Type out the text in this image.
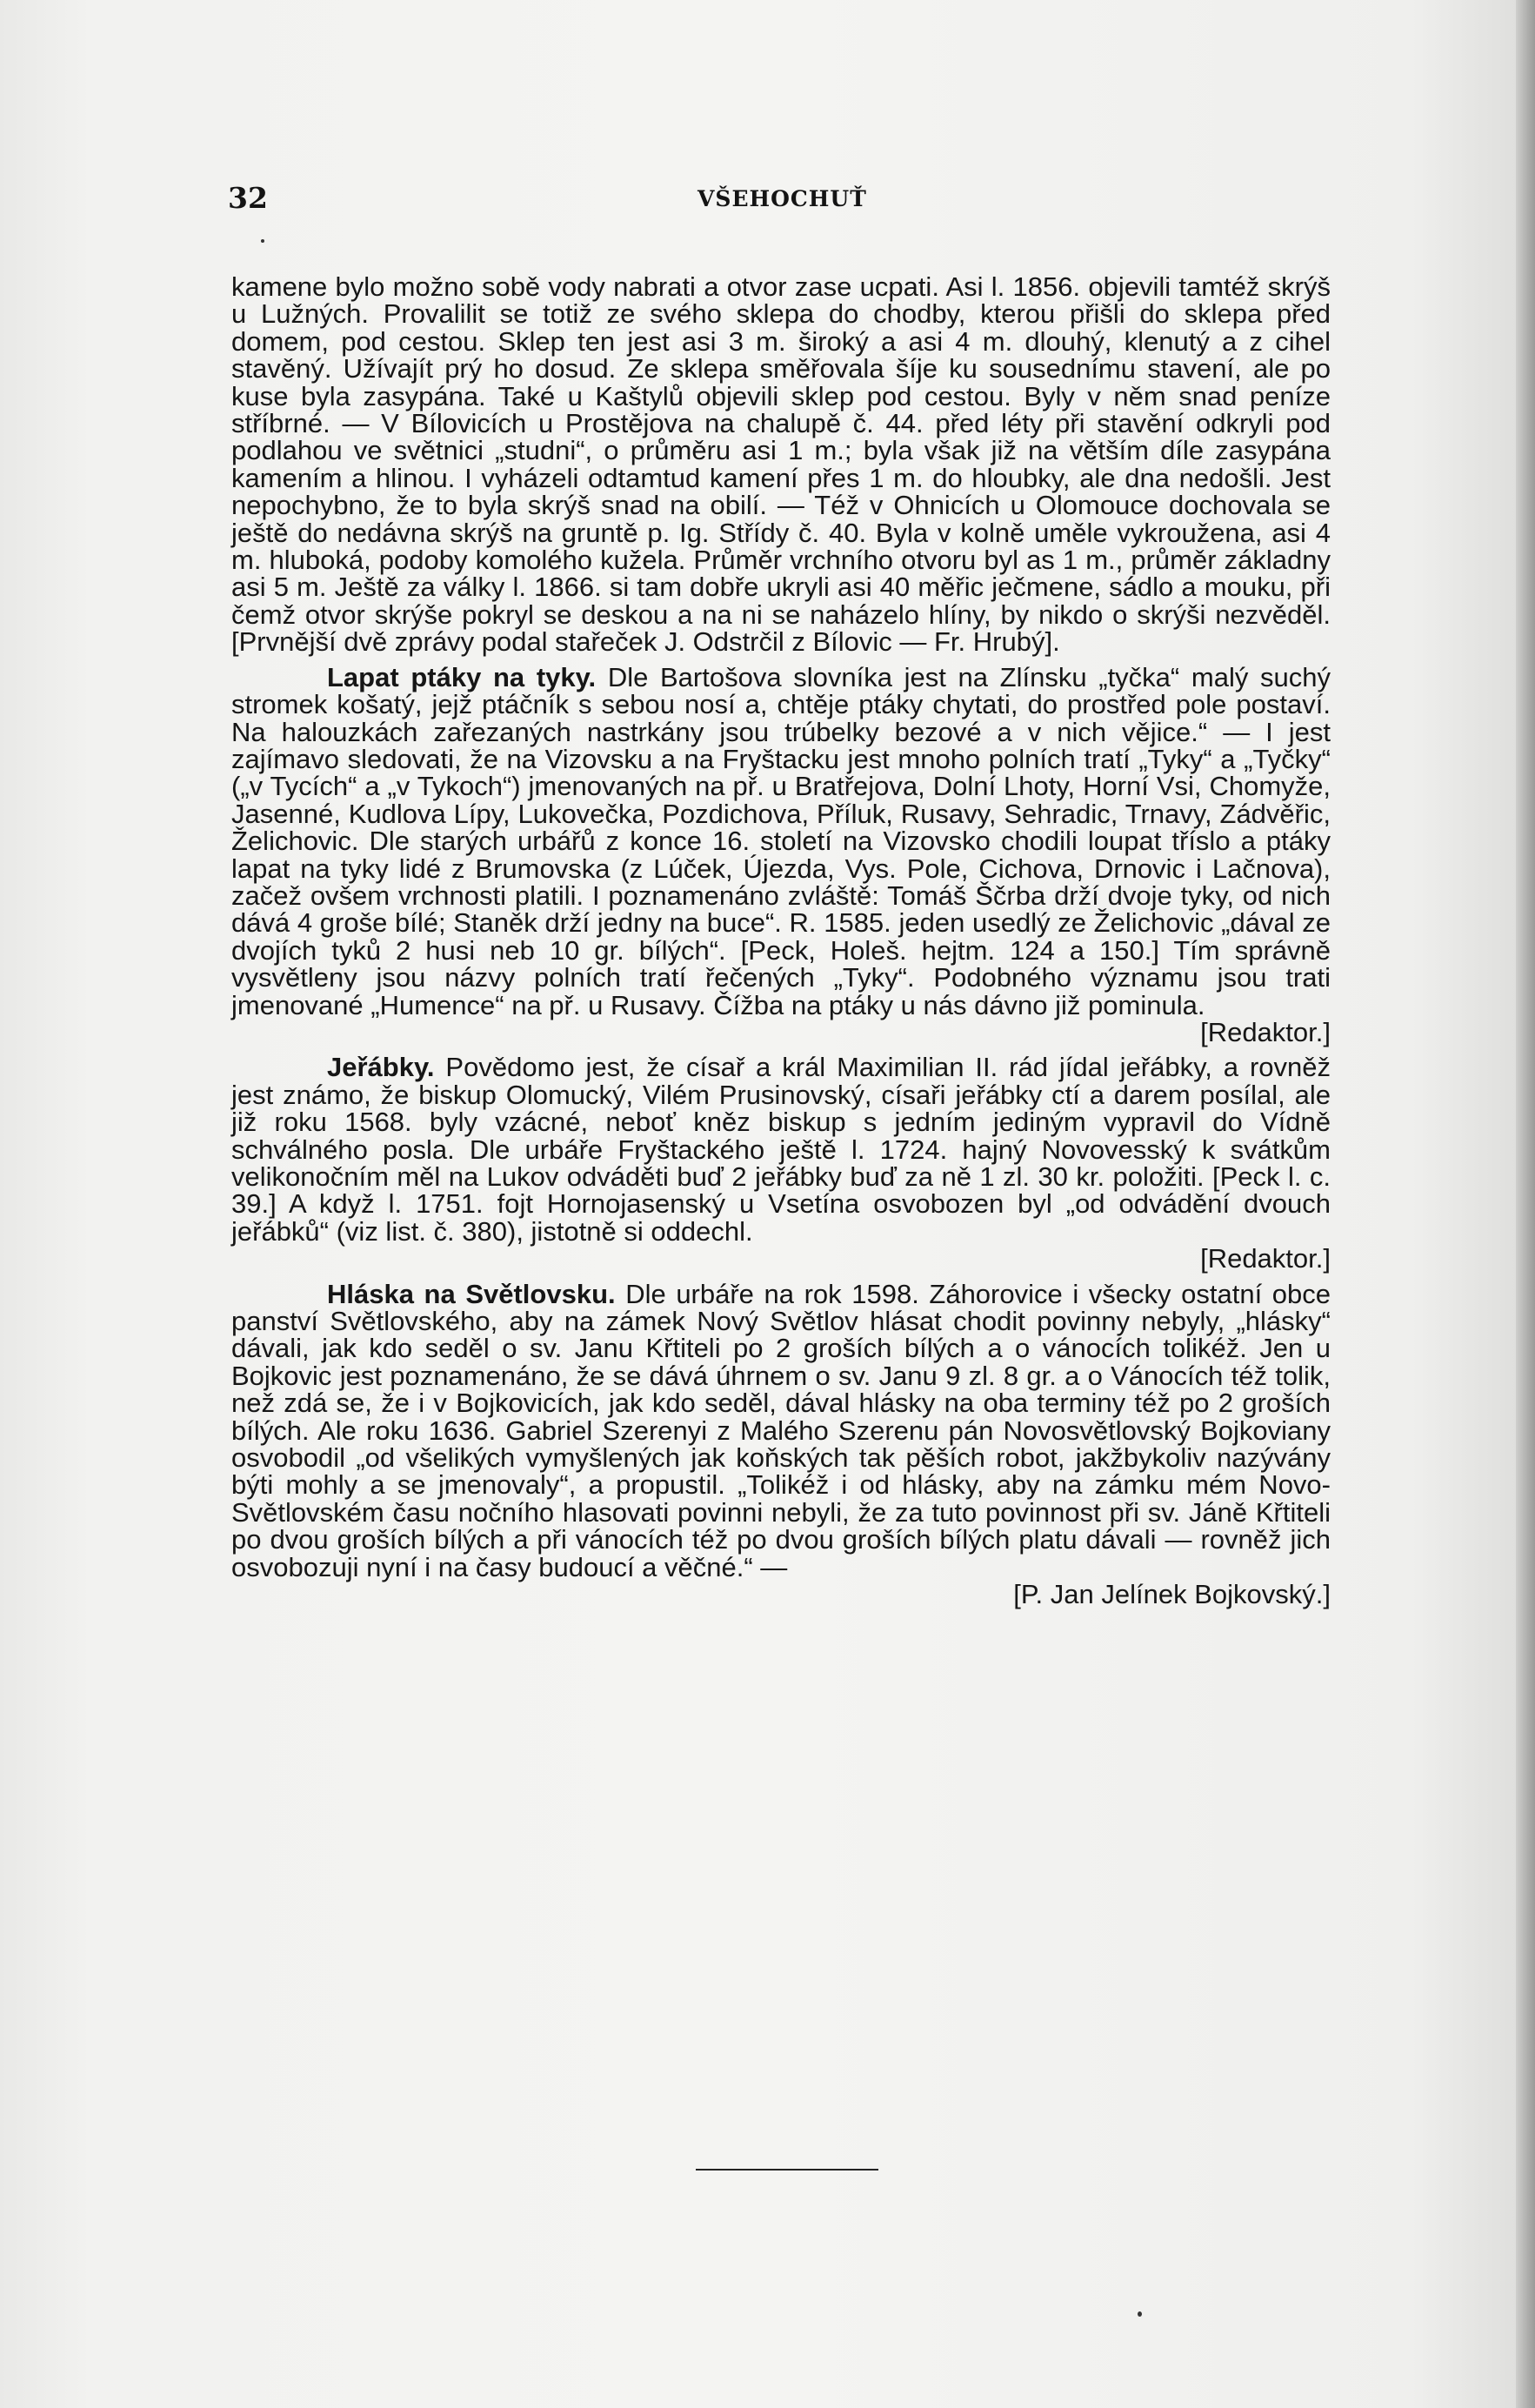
32	VŠEHOCHUŤ

kamene bylo možno sobě vody nabrati a otvor zase ucpati. Asi l. 1856. objevili tamtéž skrýš u Lužných. Provalilit se totiž ze svého sklepa do chodby, kterou přišli do sklepa před domem, pod cestou. Sklep ten jest asi 3 m. široký a asi 4 m. dlouhý, klenutý a z cihel stavěný. Užívajít prý ho dosud. Ze sklepa směřovala šíje ku sousednímu stavení, ale po kuse byla zasypána. Také u Kaštylů objevili sklep pod cestou. Byly v něm snad peníze stříbrné. — V Bílovicích u Prostějova na chalupě č. 44. před léty při stavění odkryli pod podlahou ve světnici „studni“, o průměru asi 1 m.; byla však již na větším díle zasypána kamením a hlinou. I vyházeli odtamtud kamení přes 1 m. do hloubky, ale dna nedošli. Jest nepochybno, že to byla skrýš snad na obilí. — Též v Ohnicích u Olomouce dochovala se ještě do nedávna skrýš na gruntě p. Ig. Střídy č. 40. Byla v kolně uměle vykroužena, asi 4 m. hluboká, podoby komolého kužela. Průměr vrchního otvoru byl as 1 m., průměr základny asi 5 m. Ještě za války l. 1866. si tam dobře ukryli asi 40 měřic ječmene, sádlo a mouku, při čemž otvor skrýše pokryl se deskou a na ni se naházelo hlíny, by nikdo o skrýši nezvěděl. [Prvnější dvě zprávy podal stařeček J. Odstrčil z Bílovic — Fr. Hrubý].

Lapat ptáky na tyky. Dle Bartošova slovníka jest na Zlínsku „tyčka“ malý suchý stromek košatý, jejž ptáčník s sebou nosí a, chtěje ptáky chytati, do prostřed pole postaví. Na halouzkách zařezaných nastrkány jsou trúbelky bezové a v nich vějice.“ — I jest zajímavo sledovati, že na Vizovsku a na Fryštacku jest mnoho polních tratí „Tyky“ a „Tyčky“ („v Tycích“ a „v Tykoch“) jmenovaných na př. u Bratřejova, Dolní Lhoty, Horní Vsi, Chomyže, Jasenné, Kudlova Lípy, Lukovečka, Pozdichova, Příluk, Rusavy, Sehradic, Trnavy, Zádvěřic, Želichovic. Dle starých urbářů z konce 16. století na Vizovsko chodili loupat tříslo a ptáky lapat na tyky lidé z Brumovska (z Lúček, Újezda, Vys. Pole, Cichova, Drnovic i Lačnova), začež ovšem vrchnosti platili. I poznamenáno zvláště: Tomáš Ščrba drží dvoje tyky, od nich dává 4 groše bílé; Staněk drží jedny na buce“. R. 1585. jeden usedlý ze Želichovic „dával ze dvojích tyků 2 husi neb 10 gr. bílých“. [Peck, Holeš. hejtm. 124 a 150.] Tím správně vysvětleny jsou názvy polních tratí řečených „Tyky“. Podobného významu jsou trati jmenované „Humence“ na př. u Rusavy. Čížba na ptáky u nás dávno již pominula.
[Redaktor.]

Jeřábky. Povědomo jest, že císař a král Maximilian II. rád jídal jeřábky, a rovněž jest známo, že biskup Olomucký, Vilém Prusinovský, císaři jeřábky ctí a darem posílal, ale již roku 1568. byly vzácné, neboť kněz biskup s jedním jediným vypravil do Vídně schválného posla. Dle urbáře Fryštackého ještě l. 1724. hajný Novovesský k svátkům velikonočním měl na Lukov odváděti buď 2 jeřábky buď za ně 1 zl. 30 kr. položiti. [Peck l. c. 39.] A když l. 1751. fojt Hornojasenský u Vsetína osvobozen byl „od odvádění dvouch jeřábků“ (viz list. č. 380), jistotně si oddechl.
[Redaktor.]

Hláska na Světlovsku. Dle urbáře na rok 1598. Záhorovice i všecky ostatní obce panství Světlovského, aby na zámek Nový Světlov hlásat chodit povinny nebyly, „hlásky“ dávali, jak kdo seděl o sv. Janu Křtiteli po 2 groších bílých a o vánocích tolikéž. Jen u Bojkovic jest poznamenáno, že se dává úhrnem o sv. Janu 9 zl. 8 gr. a o Vánocích též tolik, než zdá se, že i v Bojkovicích, jak kdo seděl, dával hlásky na oba terminy též po 2 groších bílých. Ale roku 1636. Gabriel Szerenyi z Malého Szerenu pán Novosvětlovský Bojkoviany osvobodil „od všelikých vymyšlených jak koňských tak pěších robot, jakžbykoliv nazývány býti mohly a se jmenovaly“, a propustil. „Tolikéž i od hlásky, aby na zámku mém Novo-Světlovském času nočního hlasovati povinni nebyli, že za tuto povinnost při sv. Jáně Křtiteli po dvou groších bílých a při vánocích též po dvou groších bílých platu dávali — rovněž jich osvobozuji nyní i na časy budoucí a věčné.“ —
[P. Jan Jelínek Bojkovský.]
